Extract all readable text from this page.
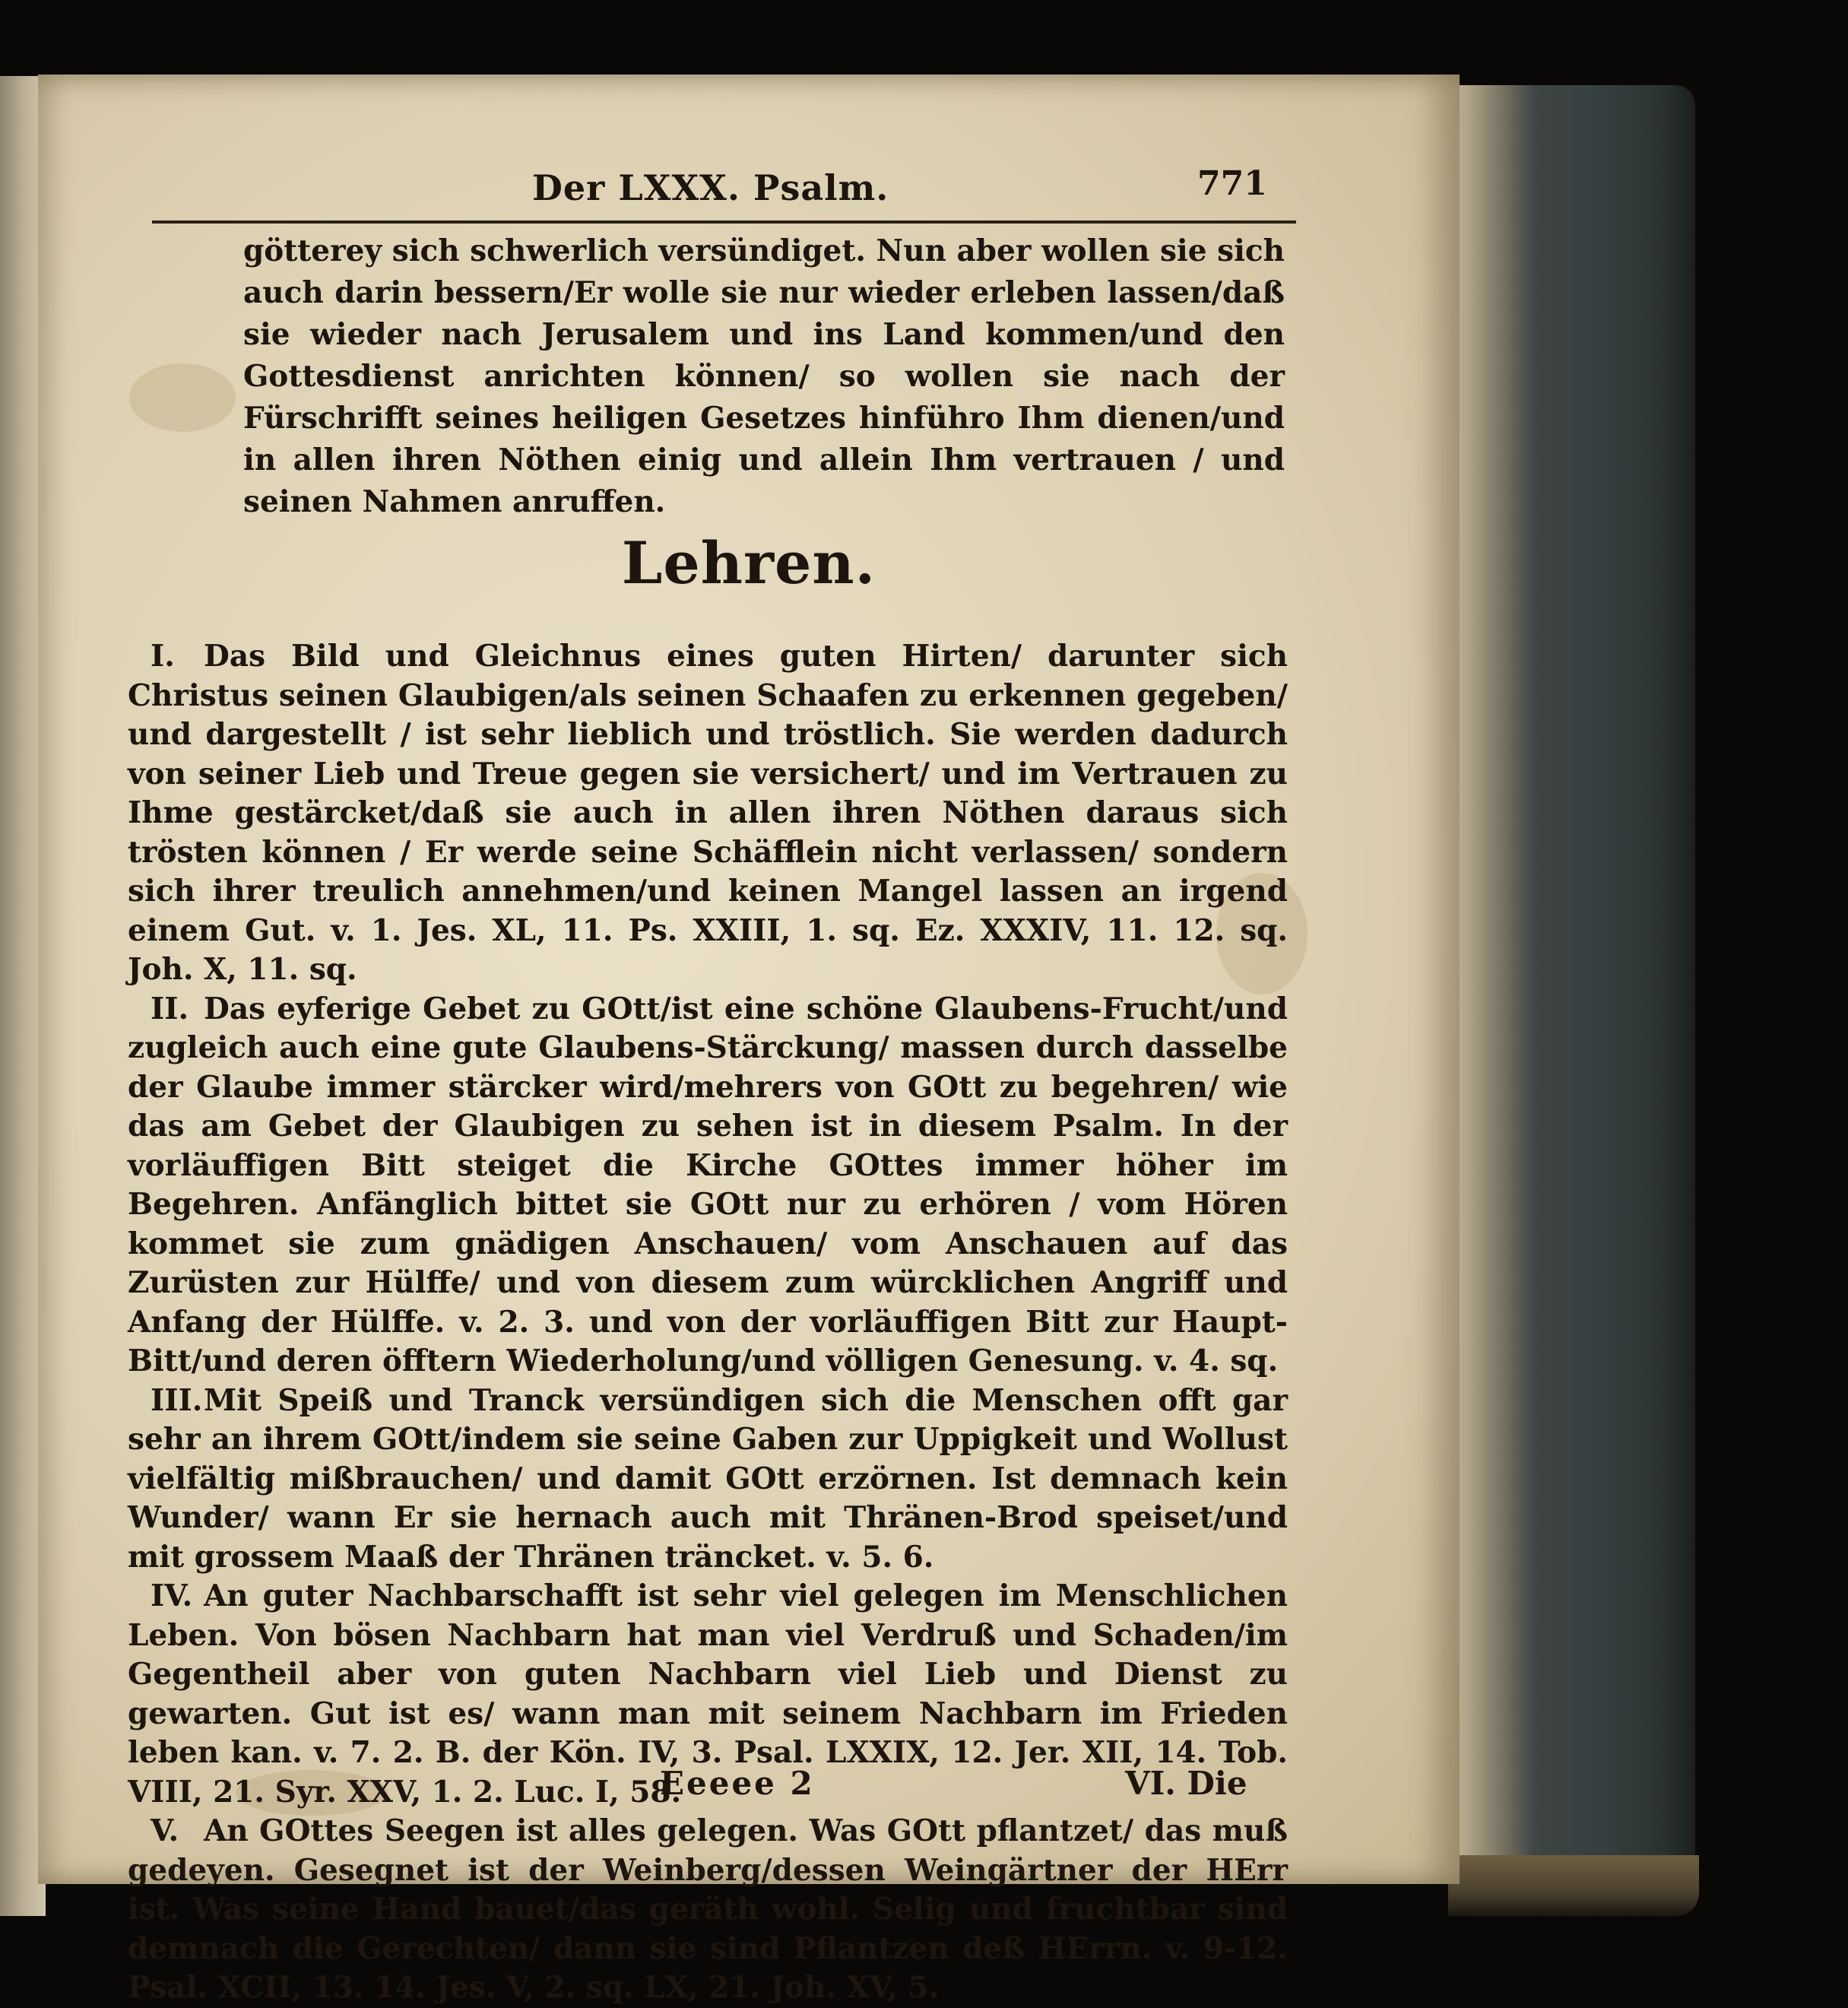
Der LXXX. Psalm.	771

götterey sich schwerlich versündiget. Nun aber wollen sie sich auch darin bessern/Er wolle sie nur wieder erleben lassen/daß sie wieder nach Jerusalem und ins Land kommen/und den Gottesdienst anrichten können/ so wollen sie nach der Fürschrifft seines heiligen Gesetzes hinführo Ihm dienen/und in allen ihren Nöthen einig und allein Ihm vertrauen / und seinen Nahmen anruffen.

Lehren.

I. Das Bild und Gleichnus eines guten Hirten/ darunter sich Christus seinen Glaubigen/als seinen Schaafen zu erkennen gegeben/ und dargestellt / ist sehr lieblich und tröstlich. Sie werden dadurch von seiner Lieb und Treue gegen sie versichert/ und im Vertrauen zu Ihme gestärcket/daß sie auch in allen ihren Nöthen daraus sich trösten können / Er werde seine Schäfflein nicht verlassen/ sondern sich ihrer treulich annehmen/und keinen Mangel lassen an irgend einem Gut. v. 1. Jes. XL, 11. Ps. XXIII, 1. sq. Ez. XXXIV, 11. 12. sq. Joh. X, 11. sq.

II. Das eyferige Gebet zu GOtt/ist eine schöne Glaubens-Frucht/und zugleich auch eine gute Glaubens-Stärckung/ massen durch dasselbe der Glaube immer stärcker wird/mehrers von GOtt zu begehren/ wie das am Gebet der Glaubigen zu sehen ist in diesem Psalm. In der vorläuffigen Bitt steiget die Kirche GOttes immer höher im Begehren. Anfänglich bittet sie GOtt nur zu erhören / vom Hören kommet sie zum gnädigen Anschauen/ vom Anschauen auf das Zurüsten zur Hülffe/ und von diesem zum würcklichen Angriff und Anfang der Hülffe. v. 2. 3. und von der vorläuffigen Bitt zur Haupt-Bitt/und deren öfftern Wiederholung/und völligen Genesung. v. 4. sq.

III.Mit Speiß und Tranck versündigen sich die Menschen offt gar sehr an ihrem GOtt/indem sie seine Gaben zur Uppigkeit und Wollust vielfältig mißbrauchen/ und damit GOtt erzörnen. Ist demnach kein Wunder/ wann Er sie hernach auch mit Thränen-Brod speiset/und mit grossem Maaß der Thränen träncket. v. 5. 6.

IV. An guter Nachbarschafft ist sehr viel gelegen im Menschlichen Leben. Von bösen Nachbarn hat man viel Verdruß und Schaden/im Gegentheil aber von guten Nachbarn viel Lieb und Dienst zu gewarten. Gut ist es/ wann man mit seinem Nachbarn im Frieden leben kan. v. 7. 2. B. der Kön. IV, 3. Psal. LXXIX, 12. Jer. XII, 14. Tob. VIII, 21. Syr. XXV, 1. 2. Luc. I, 58.

V. An GOttes Seegen ist alles gelegen. Was GOtt pflantzet/ das muß gedeyen. Gesegnet ist der Weinberg/dessen Weingärtner der HErr ist. Was seine Hand bauet/das geräth wohl. Selig und fruchtbar sind demnach die Gerechten/ dann sie sind Pflantzen deß HErrn. v. 9-12. Psal. XCII, 13. 14. Jes. V, 2. sq. LX, 21. Joh. XV, 5.

Eeeee 2	VI. Die
